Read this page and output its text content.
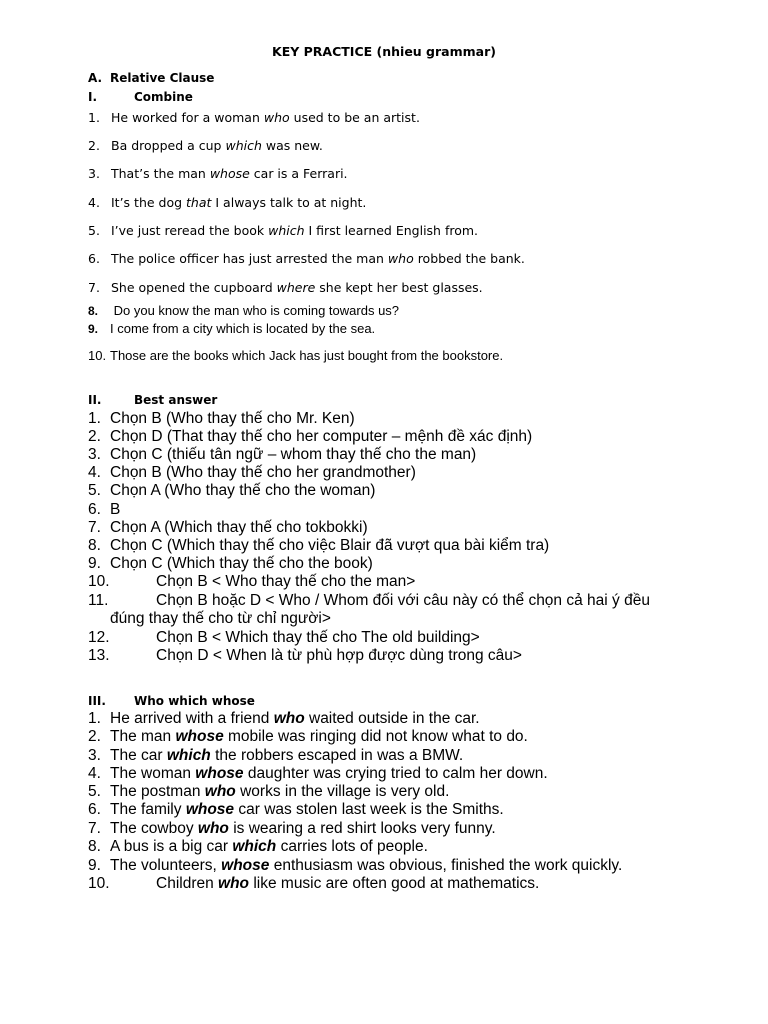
KEY PRACTICE (nhieu grammar)
A. Relative Clause
I.	Combine
1. He worked for a woman who used to be an artist.
2. Ba dropped a cup which was new.
3. That’s the man whose car is a Ferrari.
4. It’s the dog that I always talk to at night.
5. I’ve just reread the book which I first learned English from.
6. The police officer has just arrested the man who robbed the bank.
7. She opened the cupboard where she kept her best glasses.
8. Do you know the man who is coming towards us?
9. I come from a city which is located by the sea.
10. Those are the books which Jack has just bought from the bookstore.
II.	Best answer
1. Chọn B (Who thay thế cho Mr. Ken)
2. Chọn D (That thay thế cho her computer – mệnh đề xác định)
3. Chọn C (thiếu tân ngữ – whom thay thế cho the man)
4. Chọn B (Who thay thế cho her grandmother)
5. Chọn A (Who thay thế cho the woman)
6. B
7. Chọn A (Which thay thế cho tokbokki)
8. Chọn C (Which thay thế cho việc Blair đã vượt qua bài kiểm tra)
9. Chọn C (Which thay thế cho the book)
10.	Chọn B < Who thay thế cho the man>
11.	Chọn B hoặc D < Who / Whom đối với câu này có thể chọn cả hai ý đều
đúng thay thế cho từ chỉ người>
12.	Chọn B < Which thay thế cho The old building>
13.	Chọn D < When là từ phù hợp được dùng trong câu>
III. Who which whose
1. He arrived with a friend who waited outside in the car.
2. The man whose mobile was ringing did not know what to do.
3. The car which the robbers escaped in was a BMW.
4. The woman whose daughter was crying tried to calm her down.
5. The postman who works in the village is very old.
6. The family whose car was stolen last week is the Smiths.
7. The cowboy who is wearing a red shirt looks very funny.
8. A bus is a big car which carries lots of people.
9. The volunteers, whose enthusiasm was obvious, finished the work quickly.
10.	Children who like music are often good at mathematics.
